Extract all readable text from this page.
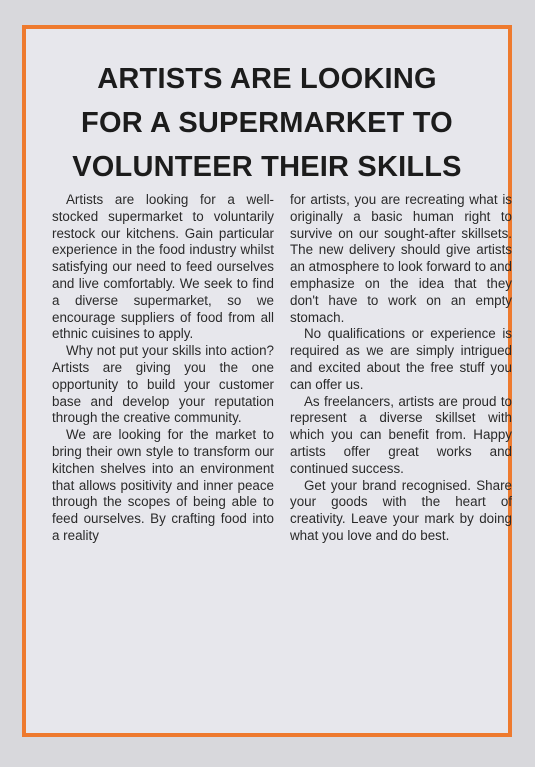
ARTISTS ARE LOOKING
FOR A SUPERMARKET TO
VOLUNTEER THEIR SKILLS

Artists are looking for a well-stocked supermarket to voluntarily restock our kitchens. Gain particular experience in the food industry whilst satisfying our need to feed ourselves and live comfortably. We seek to find a diverse supermarket, so we encourage suppliers of food from all ethnic cuisines to apply.

Why not put your skills into action? Artists are giving you the one opportunity to build your customer base and develop your reputation through the creative community.

We are looking for the market to bring their own style to transform our kitchen shelves into an environment that allows positivity and inner peace through the scopes of being able to feed ourselves. By crafting food into a reality

for artists, you are recreating what is originally a basic human right to survive on our sought-after skillsets. The new delivery should give artists an atmosphere to look forward to and emphasize on the idea that they don't have to work on an empty stomach.

No qualifications or experience is required as we are simply intrigued and excited about the free stuff you can offer us.

As freelancers, artists are proud to represent a diverse skillset with which you can benefit from. Happy artists offer great works and continued success.

Get your brand recognised. Share your goods with the heart of creativity. Leave your mark by doing what you love and do best.
